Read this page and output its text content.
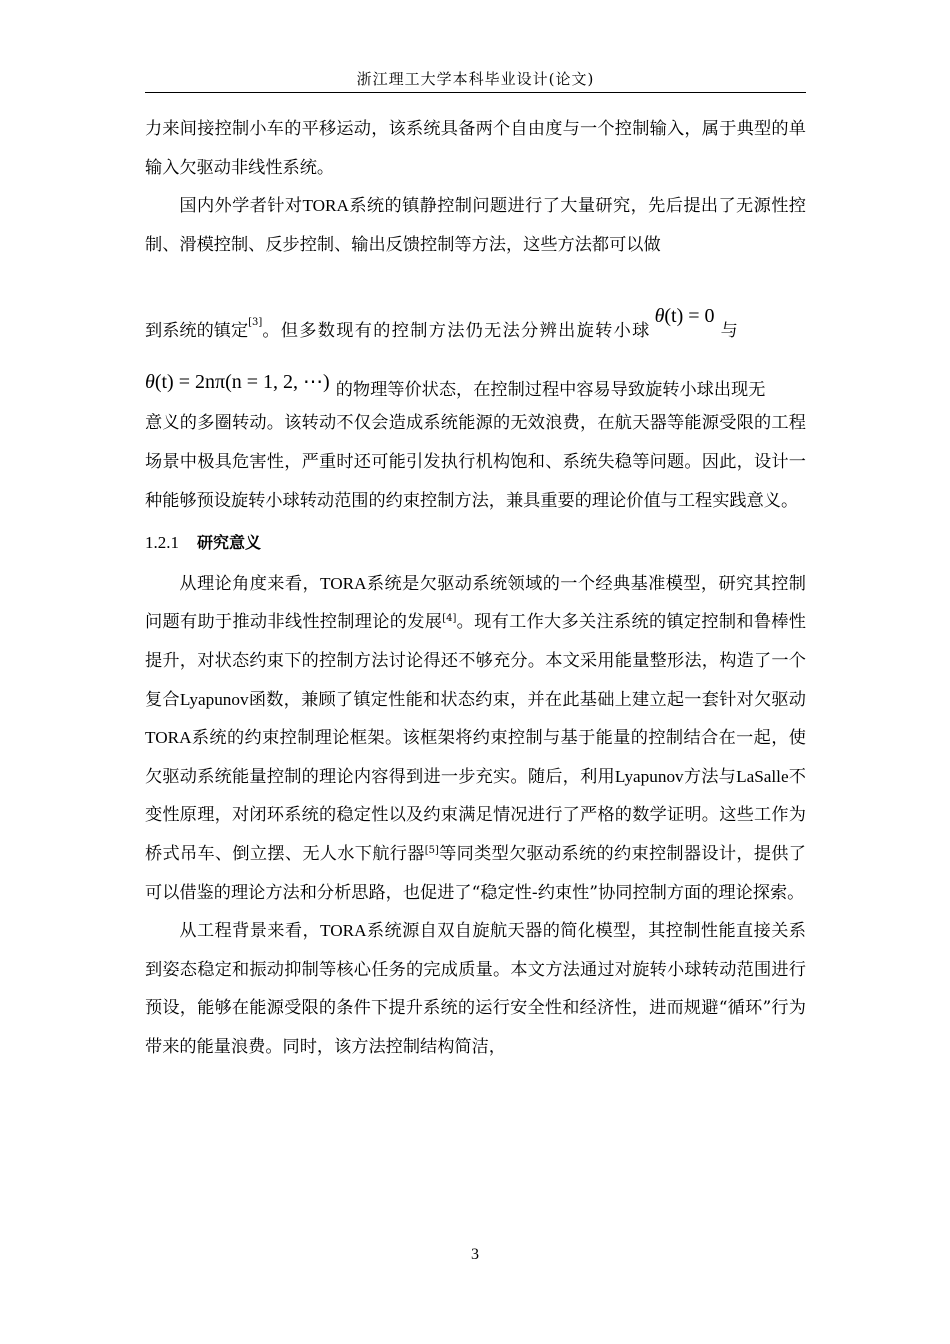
浙江理工大学本科毕业设计(论文)

力来间接控制小车的平移运动，该系统具备两个自由度与一个控制输入，属于典型的单输入欠驱动非线性系统。

国内外学者针对TORA系统的镇静控制问题进行了大量研究，先后提出了无源性控制、滑模控制、反步控制、输出反馈控制等方法，这些方法都可以做

到系统的镇定[3] 。但多数现有的控制方法仍无法分辨出旋转小球
θ(t) = 0
与
θ(t) = 2nπ(n = 1, 2, ⋯) 的物理等价状态，在控制过程中容易导致旋转小球出现无

意义的多圈转动。该转动不仅会造成系统能源的无效浪费，在航天器等能源受限的工程场景中极具危害性，严重时还可能引发执行机构饱和、系统失稳等问题。因此，设计一种能够预设旋转小球转动范围的约束控制方法，兼具重要的理论价值与工程实践意义。

1.2.1 研究意义

从理论角度来看，TORA系统是欠驱动系统领域的一个经典基准模型，研究其控制问题有助于推动非线性控制理论的发展[4]。现有工作大多关注系统的镇定控制和鲁棒性提升，对状态约束下的控制方法讨论得还不够充分。本文采用能量整形法，构造了一个复合Lyapunov函数，兼顾了镇定性能和状态约束，并在此基础上建立起一套针对欠驱动TORA系统的约束控制理论框架。该框架将约束控制与基于能量的控制结合在一起，使欠驱动系统能量控制的理论内容得到进一步充实。随后，利用Lyapunov方法与LaSalle不变性原理，对闭环系统的稳定性以及约束满足情况进行了严格的数学证明。这些工作为桥式吊车、倒立摆、无人水下航行器[5]等同类型欠驱动系统的约束控制器设计，提供了可以借鉴的理论方法和分析思路，也促进了“稳定性-约束性”协同控制方面的理论探索。

从工程背景来看，TORA系统源自双自旋航天器的简化模型，其控制性能直接关系到姿态稳定和振动抑制等核心任务的完成质量。本文方法通过对旋转小球转动范围进行预设，能够在能源受限的条件下提升系统的运行安全性和经济性，进而规避“循环”行为带来的能量浪费。同时，该方法控制结构简洁，

3
